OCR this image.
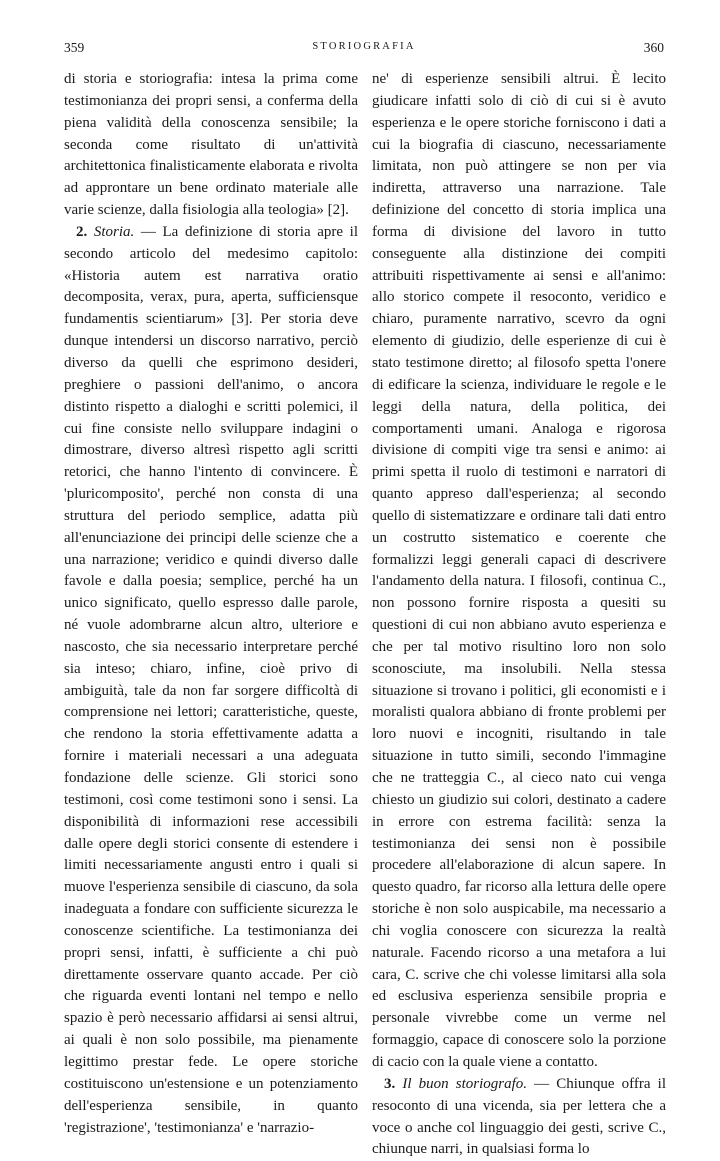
359	STORIOGRAFIA	360

di storia e storiografia: intesa la prima come testimonianza dei propri sensi, a conferma della piena validità della conoscenza sensibile; la seconda come risultato di un'attività architettonica finalisticamente elaborata e rivolta ad approntare un bene ordinato materiale alle varie scienze, dalla fisiologia alla teologia» [2].

2. Storia. — La definizione di storia apre il secondo articolo del medesimo capitolo: «Historia autem est narrativa oratio decomposita, verax, pura, aperta, sufficiensque fundamentis scientiarum» [3]. Per storia deve dunque intendersi un discorso narrativo, perciò diverso da quelli che esprimono desideri, preghiere o passioni dell'animo, o ancora distinto rispetto a dialoghi e scritti polemici, il cui fine consiste nello sviluppare indagini o dimostrare, diverso altresì rispetto agli scritti retorici, che hanno l'intento di convincere. È 'pluricomposito', perché non consta di una struttura del periodo semplice, adatta più all'enunciazione dei principi delle scienze che a una narrazione; veridico e quindi diverso dalle favole e dalla poesia; semplice, perché ha un unico significato, quello espresso dalle parole, né vuole adombrarne alcun altro, ulteriore e nascosto, che sia necessario interpretare perché sia inteso; chiaro, infine, cioè privo di ambiguità, tale da non far sorgere difficoltà di comprensione nei lettori; caratteristiche, queste, che rendono la storia effettivamente adatta a fornire i materiali necessari a una adeguata fondazione delle scienze. Gli storici sono testimoni, così come testimoni sono i sensi. La disponibilità di informazioni rese accessibili dalle opere degli storici consente di estendere i limiti necessariamente angusti entro i quali si muove l'esperienza sensibile di ciascuno, da sola inadeguata a fondare con sufficiente sicurezza le conoscenze scientifiche. La testimonianza dei propri sensi, infatti, è sufficiente a chi può direttamente osservare quanto accade. Per ciò che riguarda eventi lontani nel tempo e nello spazio è però necessario affidarsi ai sensi altrui, ai quali è non solo possibile, ma pienamente legittimo prestar fede. Le opere storiche costituiscono un'estensione e un potenziamento dell'esperienza sensibile, in quanto 'registrazione', 'testimonianza' e 'narrazio-

ne' di esperienze sensibili altrui. È lecito giudicare infatti solo di ciò di cui si è avuto esperienza e le opere storiche forniscono i dati a cui la biografia di ciascuno, necessariamente limitata, non può attingere se non per via indiretta, attraverso una narrazione. Tale definizione del concetto di storia implica una forma di divisione del lavoro in tutto conseguente alla distinzione dei compiti attribuiti rispettivamente ai sensi e all'animo: allo storico compete il resoconto, veridico e chiaro, puramente narrativo, scevro da ogni elemento di giudizio, delle esperienze di cui è stato testimone diretto; al filosofo spetta l'onere di edificare la scienza, individuare le regole e le leggi della natura, della politica, dei comportamenti umani. Analoga e rigorosa divisione di compiti vige tra sensi e animo: ai primi spetta il ruolo di testimoni e narratori di quanto appreso dall'esperienza; al secondo quello di sistematizzare e ordinare tali dati entro un costrutto sistematico e coerente che formalizzi leggi generali capaci di descrivere l'andamento della natura. I filosofi, continua C., non possono fornire risposta a quesiti su questioni di cui non abbiano avuto esperienza e che per tal motivo risultino loro non solo sconosciute, ma insolubili. Nella stessa situazione si trovano i politici, gli economisti e i moralisti qualora abbiano di fronte problemi per loro nuovi e incogniti, risultando in tale situazione in tutto simili, secondo l'immagine che ne tratteggia C., al cieco nato cui venga chiesto un giudizio sui colori, destinato a cadere in errore con estrema facilità: senza la testimonianza dei sensi non è possibile procedere all'elaborazione di alcun sapere. In questo quadro, far ricorso alla lettura delle opere storiche è non solo auspicabile, ma necessario a chi voglia conoscere con sicurezza la realtà naturale. Facendo ricorso a una metafora a lui cara, C. scrive che chi volesse limitarsi alla sola ed esclusiva esperienza sensibile propria e personale vivrebbe come un verme nel formaggio, capace di conoscere solo la porzione di cacio con la quale viene a contatto.

3. Il buon storiografo. — Chiunque offra il resoconto di una vicenda, sia per lettera che a voce o anche col linguaggio dei gesti, scrive C., chiunque narri, in qualsiasi forma lo
